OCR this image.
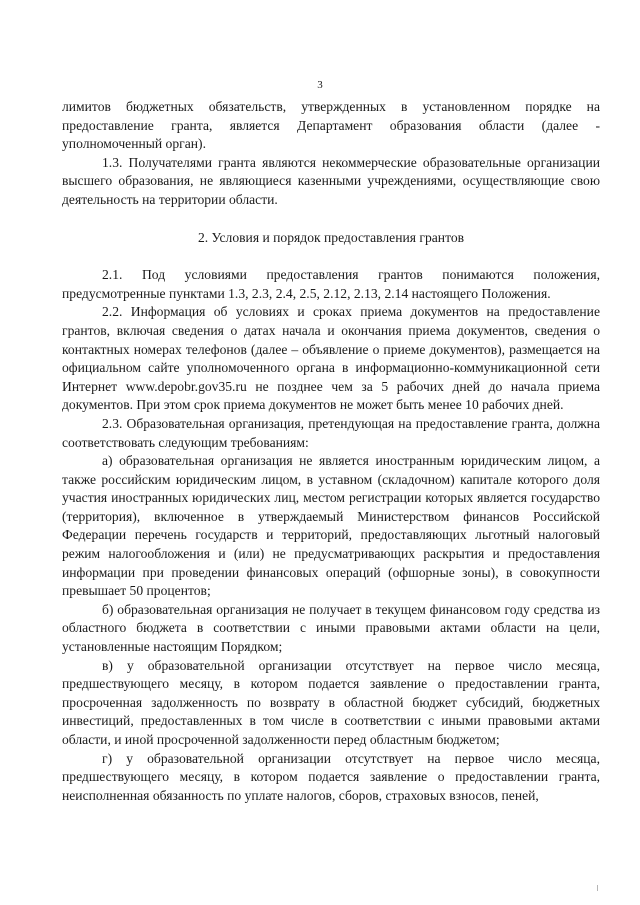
3

лимитов бюджетных обязательств, утвержденных в установленном порядке на предоставление гранта, является Департамент образования области (далее - уполномоченный орган).

1.3. Получателями гранта являются некоммерческие образовательные организации высшего образования, не являющиеся казенными учреждениями, осуществляющие свою деятельность на территории области.

2. Условия и порядок предоставления грантов

2.1. Под условиями предоставления грантов понимаются положения, предусмотренные пунктами 1.3, 2.3, 2.4, 2.5, 2.12, 2.13, 2.14 настоящего Положения.

2.2. Информация об условиях и сроках приема документов на предоставление грантов, включая сведения о датах начала и окончания приема документов, сведения о контактных номерах телефонов (далее – объявление о приеме документов), размещается на официальном сайте уполномоченного органа в информационно-коммуникационной сети Интернет www.depobr.gov35.ru не позднее чем за 5 рабочих дней до начала приема документов. При этом срок приема документов не может быть менее 10 рабочих дней.

2.3. Образовательная организация, претендующая на предоставление гранта, должна соответствовать следующим требованиям:

а) образовательная организация не является иностранным юридическим лицом, а также российским юридическим лицом, в уставном (складочном) капитале которого доля участия иностранных юридических лиц, местом регистрации которых является государство (территория), включенное в утверждаемый Министерством финансов Российской Федерации перечень государств и территорий, предоставляющих льготный налоговый режим налогообложения и (или) не предусматривающих раскрытия и предоставления информации при проведении финансовых операций (офшорные зоны), в совокупности превышает 50 процентов;

б) образовательная организация не получает в текущем финансовом году средства из областного бюджета в соответствии с иными правовыми актами области на цели, установленные настоящим Порядком;

в) у образовательной организации отсутствует на первое число месяца, предшествующего месяцу, в котором подается заявление о предоставлении гранта, просроченная задолженность по возврату в областной бюджет субсидий, бюджетных инвестиций, предоставленных в том числе в соответствии с иными правовыми актами области, и иной просроченной задолженности перед областным бюджетом;

г) у образовательной организации отсутствует на первое число месяца, предшествующего месяцу, в котором подается заявление о предоставлении гранта, неисполненная обязанность по уплате налогов, сборов, страховых взносов, пеней,
